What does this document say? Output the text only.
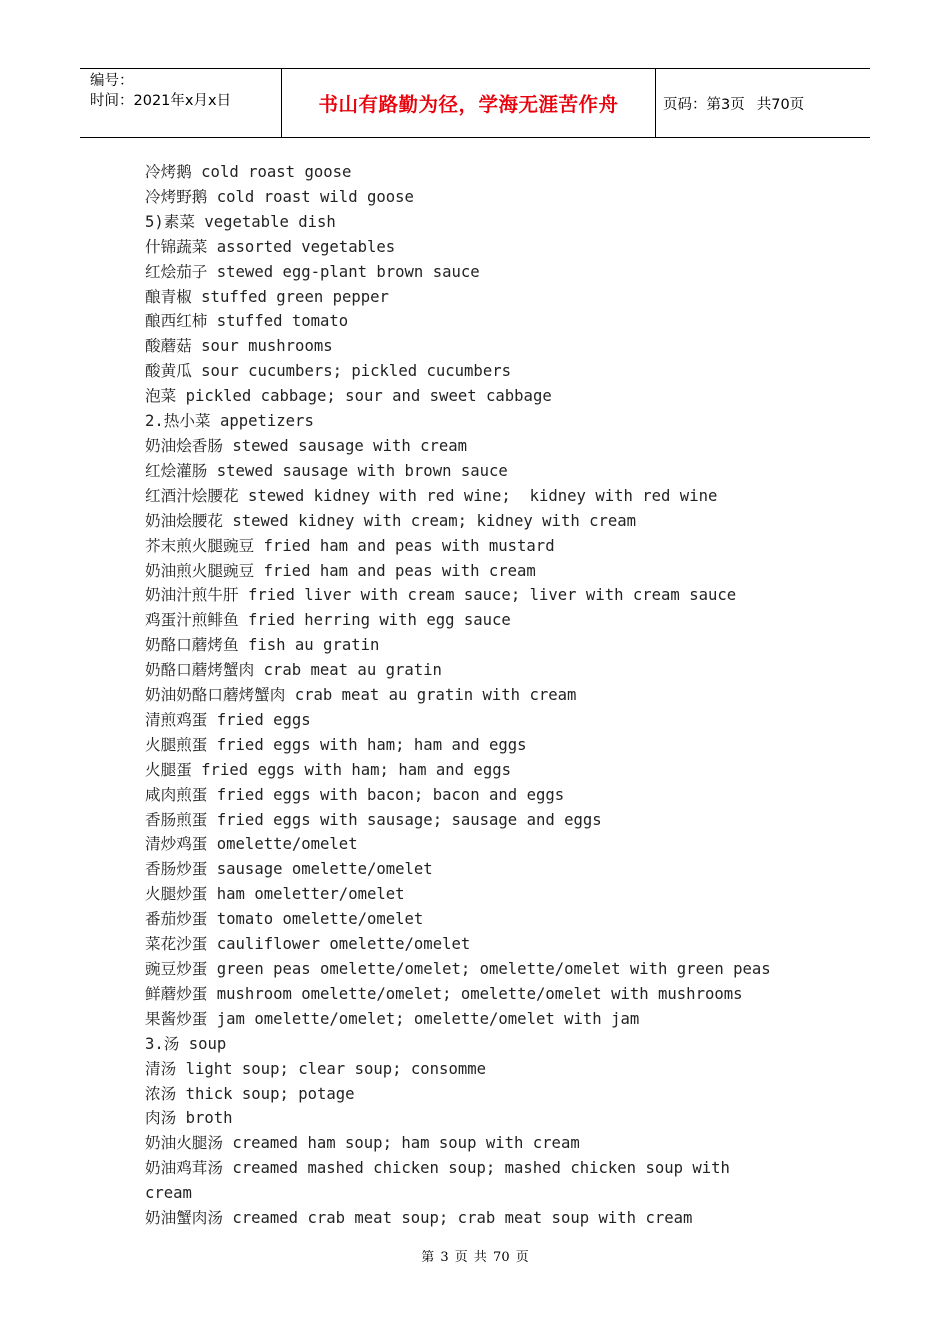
编号：
时间：2021年x月x日	书山有路勤为径，学海无涯苦作舟	页码：第3页 共70页
冷烤鹅 cold roast goose
冷烤野鹅 cold roast wild goose
5)素菜 vegetable dish
什锦蔬菜 assorted vegetables
红烩茄子 stewed egg-plant brown sauce
酿青椒 stuffed green pepper
酿西红柿 stuffed tomato
酸蘑菇 sour mushrooms
酸黄瓜 sour cucumbers; pickled cucumbers
泡菜 pickled cabbage; sour and sweet cabbage
2.热小菜 appetizers
奶油烩香肠 stewed sausage with cream
红烩灌肠 stewed sausage with brown sauce
红酒汁烩腰花 stewed kidney with red wine;  kidney with red wine
奶油烩腰花 stewed kidney with cream; kidney with cream
芥末煎火腿豌豆 fried ham and peas with mustard
奶油煎火腿豌豆 fried ham and peas with cream
奶油汁煎牛肝 fried liver with cream sauce; liver with cream sauce
鸡蛋汁煎鲱鱼 fried herring with egg sauce
奶酪口蘑烤鱼 fish au gratin
奶酪口蘑烤蟹肉 crab meat au gratin
奶油奶酪口蘑烤蟹肉 crab meat au gratin with cream
清煎鸡蛋 fried eggs
火腿煎蛋 fried eggs with ham; ham and eggs
火腿蛋 fried eggs with ham; ham and eggs
咸肉煎蛋 fried eggs with bacon; bacon and eggs
香肠煎蛋 fried eggs with sausage; sausage and eggs
清炒鸡蛋 omelette/omelet
香肠炒蛋 sausage omelette/omelet
火腿炒蛋 ham omeletter/omelet
番茄炒蛋 tomato omelette/omelet
菜花沙蛋 cauliflower omelette/omelet
豌豆炒蛋 green peas omelette/omelet; omelette/omelet with green peas
鲜蘑炒蛋 mushroom omelette/omelet; omelette/omelet with mushrooms
果酱炒蛋 jam omelette/omelet; omelette/omelet with jam
3.汤 soup
清汤 light soup; clear soup; consomme
浓汤 thick soup; potage
肉汤 broth
奶油火腿汤 creamed ham soup; ham soup with cream
奶油鸡茸汤 creamed mashed chicken soup; mashed chicken soup with
cream
奶油蟹肉汤 creamed crab meat soup; crab meat soup with cream
第 3 页 共 70 页
